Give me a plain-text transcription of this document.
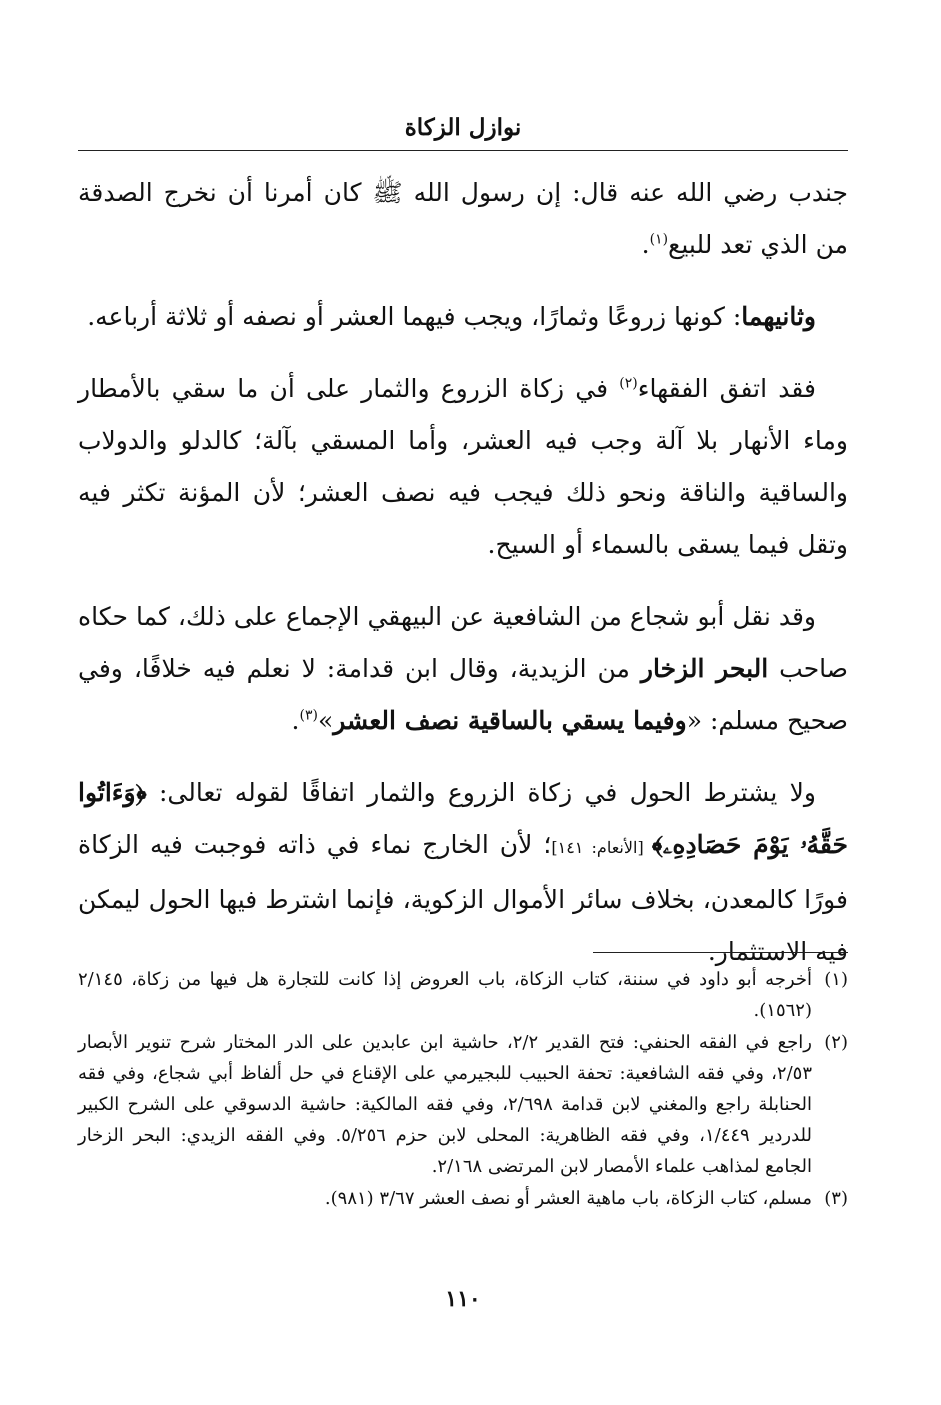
نوازل الزكاة

جندب رضي الله عنه قال: إن رسول الله ﷺ كان أمرنا أن نخرج الصدقة من الذي تعد للبيع$^{(١)}$.

وثانيهما: كونها زروعًا وثمارًا، ويجب فيهما العشر أو نصفه أو ثلاثة أرباعه.

فقد اتفق الفقهاء$^{(٢)}$ في زكاة الزروع والثمار على أن ما سقي بالأمطار وماء الأنهار بلا آلة وجب فيه العشر، وأما المسقي بآلة؛ كالدلو والدولاب والساقية والناقة ونحو ذلك فيجب فيه نصف العشر؛ لأن المؤنة تكثر فيه وتقل فيما يسقى بالسماء أو السيح.

وقد نقل أبو شجاع من الشافعية عن البيهقي الإجماع على ذلك، كما حكاه صاحب البحر الزخار من الزيدية، وقال ابن قدامة: لا نعلم فيه خلافًا، وفي صحيح مسلم: «وفيما يسقي بالساقية نصف العشر»$^{(٣)}$.

ولا يشترط الحول في زكاة الزروع والثمار اتفاقًا لقوله تعالى: ﴿وَءَاتُوا حَقَّهُۥ يَوْمَ حَصَادِهِۦ﴾ [الأنعام: ١٤١]؛ لأن الخارج نماء في ذاته فوجبت فيه الزكاة فورًا كالمعدن، بخلاف سائر الأموال الزكوية، فإنما اشترط فيها الحول ليمكن فيه الاستثمار.

(١)
أخرجه أبو داود في سننة، كتاب الزكاة، باب العروض إذا كانت للتجارة هل فيها من زكاة، ٢/١٤٥ (١٥٦٢).
(٢)
راجع في الفقه الحنفي: فتح القدير ٢/٢، حاشية ابن عابدين على الدر المختار شرح تنوير الأبصار ٢/٥٣، وفي فقه الشافعية: تحفة الحبيب للبجيرمي على الإقناع في حل ألفاظ أبي شجاع، وفي فقه الحنابلة راجع والمغني لابن قدامة ٢/٦٩٨، وفي فقه المالكية: حاشية الدسوقي على الشرح الكبير للدردير ١/٤٤٩، وفي فقه الظاهرية: المحلى لابن حزم ٥/٢٥٦. وفي الفقه الزيدي: البحر الزخار الجامع لمذاهب علماء الأمصار لابن المرتضى ٢/١٦٨.
(٣)
مسلم، كتاب الزكاة، باب ماهية العشر أو نصف العشر ٣/٦٧ (٩٨١).
١١٠
